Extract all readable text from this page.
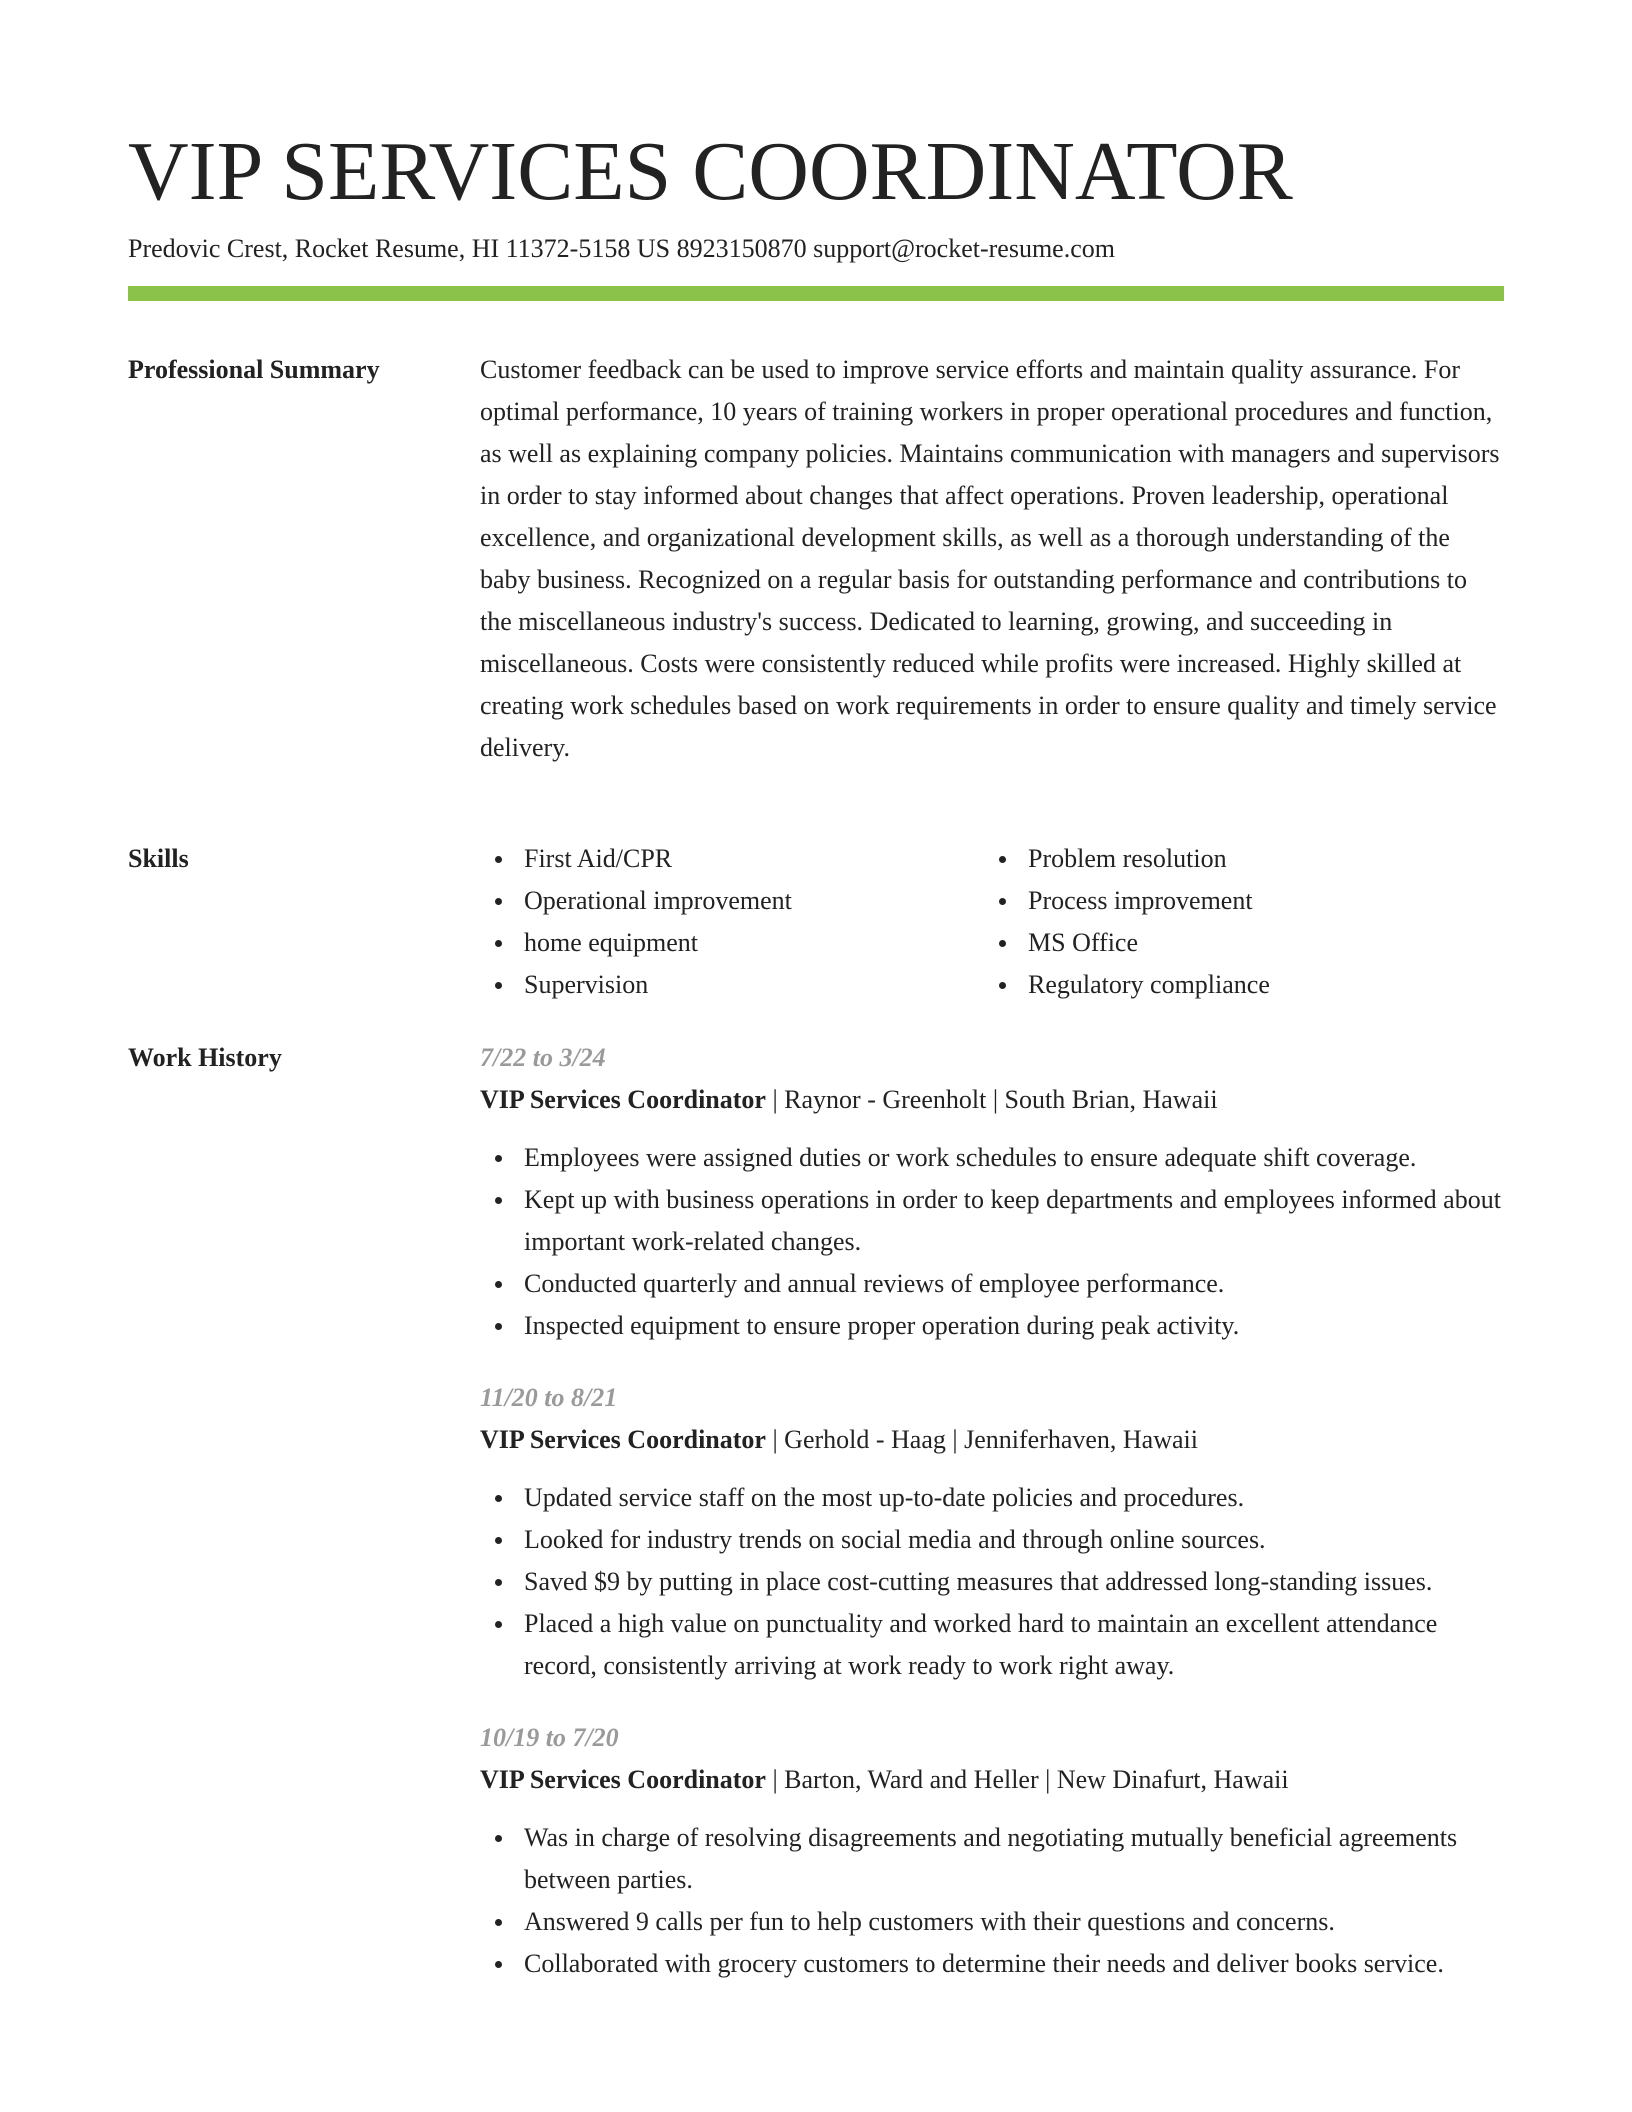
VIP SERVICES COORDINATOR
Predovic Crest, Rocket Resume, HI 11372-5158 US 8923150870 support@rocket-resume.com
Professional Summary	Customer feedback can be used to improve service efforts and maintain quality assurance. For optimal performance, 10 years of training workers in proper operational procedures and function, as well as explaining company policies. Maintains communication with managers and supervisors in order to stay informed about changes that affect operations. Proven leadership, operational excellence, and organizational development skills, as well as a thorough understanding of the baby business. Recognized on a regular basis for outstanding performance and contributions to the miscellaneous industry's success. Dedicated to learning, growing, and succeeding in miscellaneous. Costs were consistently reduced while profits were increased. Highly skilled at creating work schedules based on work requirements in order to ensure quality and timely service delivery.

Skills	First Aid/CPR
Operational improvement
home equipment
Supervision
Problem resolution
Process improvement
MS Office
Regulatory compliance
Work History	7/22 to 3/24
VIP Services Coordinator | Raynor - Greenholt | South Brian, Hawaii
Employees were assigned duties or work schedules to ensure adequate shift coverage.
Kept up with business operations in order to keep departments and employees informed about important work-related changes.
Conducted quarterly and annual reviews of employee performance.
Inspected equipment to ensure proper operation during peak activity.
11/20 to 8/21
VIP Services Coordinator | Gerhold - Haag | Jenniferhaven, Hawaii
Updated service staff on the most up-to-date policies and procedures.
Looked for industry trends on social media and through online sources.
Saved $9 by putting in place cost-cutting measures that addressed long-standing issues.
Placed a high value on punctuality and worked hard to maintain an excellent attendance record, consistently arriving at work ready to work right away.
10/19 to 7/20
VIP Services Coordinator | Barton, Ward and Heller | New Dinafurt, Hawaii
Was in charge of resolving disagreements and negotiating mutually beneficial agreements between parties.
Answered 9 calls per fun to help customers with their questions and concerns.
Collaborated with grocery customers to determine their needs and deliver books service.
